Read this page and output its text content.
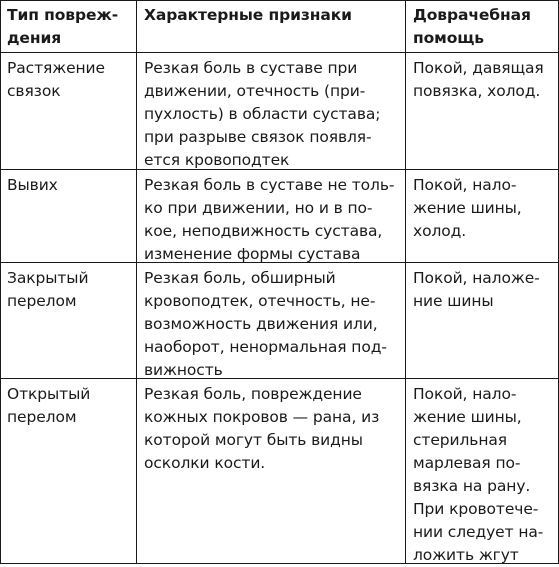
Тип повреж-
дения
Характерные признаки	Доврачебная
помощь
Растяжение
связок
Резкая боль в суставе при
движении, отечность (при-
пухлость) в области сустава;
при разрыве связок появля-
ется кровоподтек
Покой, давящая
повязка, холод.
Вывих	Резкая боль в суставе не толь-
ко при движении, но и в по-
кое, неподвижность сустава,
изменение формы сустава
Покой, нало-
жение шины,
холод.
Закрытый
перелом
Резкая боль, обширный
кровоподтек, отечность, не-
возможность движения или,
наоборот, ненормальная под-
вижность
Покой, наложе-
ние шины
Открытый
перелом
Резкая боль, повреждение
кожных покровов — рана, из
которой могут быть видны
осколки кости.
Покой, нало-
жение шины,
стерильная
марлевая по-
вязка на рану.
При кровотече-
нии следует на-
ложить жгут
